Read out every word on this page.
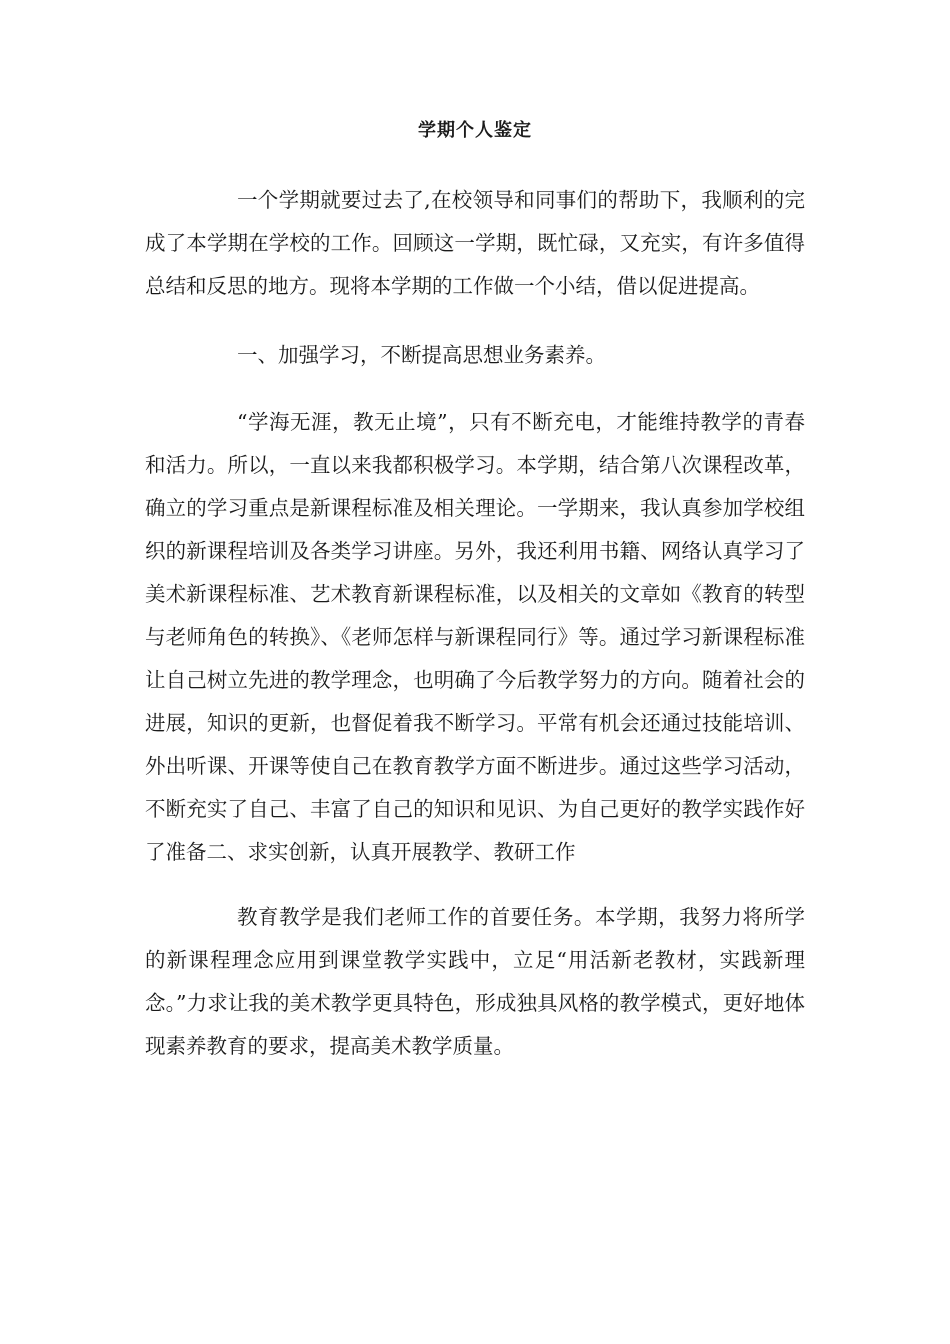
学期个人鉴定

一个学期就要过去了,在校领导和同事们的帮助下，我顺利的完成了本学期在学校的工作。回顾这一学期，既忙碌，又充实，有许多值得总结和反思的地方。现将本学期的工作做一个小结，借以促进提高。

一、加强学习，不断提高思想业务素养。

“学海无涯，教无止境”，只有不断充电，才能维持教学的青春和活力。所以，一直以来我都积极学习。本学期，结合第八次课程改革，确立的学习重点是新课程标准及相关理论。一学期来，我认真参加学校组织的新课程培训及各类学习讲座。另外，我还利用书籍、网络认真学习了美术新课程标准、艺术教育新课程标准，以及相关的文章如《教育的转型与老师角色的转换》、《老师怎样与新课程同行》等。通过学习新课程标准让自己树立先进的教学理念，也明确了今后教学努力的方向。随着社会的进展，知识的更新，也督促着我不断学习。平常有机会还通过技能培训、外出听课、开课等使自己在教育教学方面不断进步。通过这些学习活动，不断充实了自己、丰富了自己的知识和见识、为自己更好的教学实践作好了准备二、求实创新，认真开展教学、教研工作

教育教学是我们老师工作的首要任务。本学期，我努力将所学的新课程理念应用到课堂教学实践中，立足“用活新老教材，实践新理念。”力求让我的美术教学更具特色，形成独具风格的教学模式，更好地体现素养教育的要求，提高美术教学质量。
